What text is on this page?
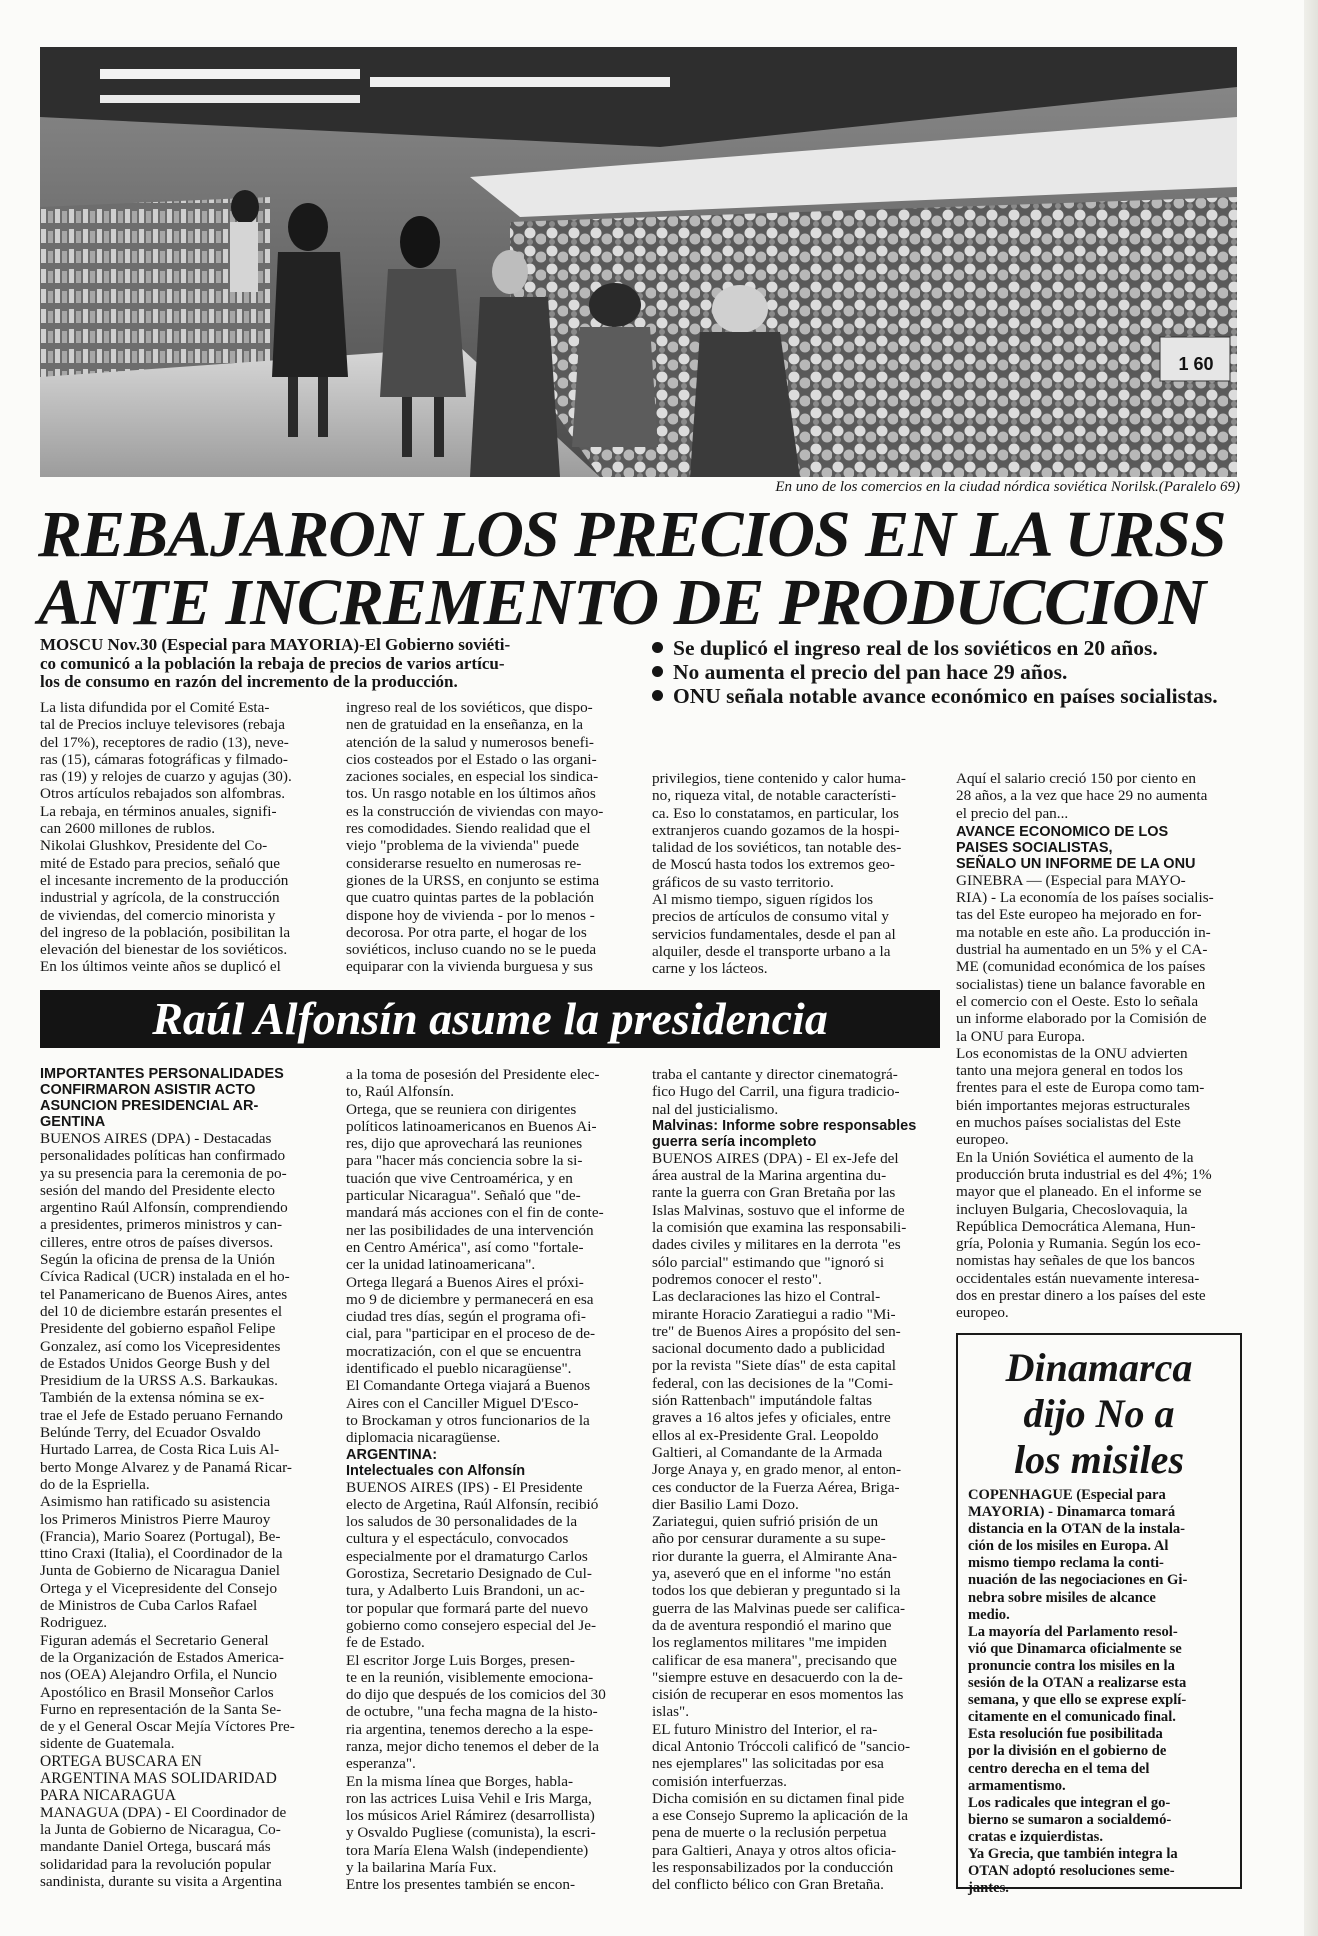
1 60
En uno de los comercios en la ciudad nórdica soviética Norilsk.(Paralelo 69)
REBAJARON LOS PRECIOS EN LA URSS
ANTE INCREMENTO DE PRODUCCION
MOSCU Nov.30 (Especial para MAYORIA)-El Gobierno soviéti-
co comunicó a la población la rebaja de precios de varios artícu-
los de consumo en razón del incremento de la producción.
Se duplicó el ingreso real de los soviéticos en 20 años.
No aumenta el precio del pan hace 29 años.
ONU señala notable avance económico en países socialistas.
La lista difundida por el Comité Esta-
tal de Precios incluye televisores (rebaja
del 17%), receptores de radio (13), neve-
ras (15), cámaras fotográficas y filmado-
ras (19) y relojes de cuarzo y agujas (30).
Otros artículos rebajados son alfombras.
La rebaja, en términos anuales, signifi-
can 2600 millones de rublos.
Nikolai Glushkov, Presidente del Co-
mité de Estado para precios, señaló que
el incesante incremento de la producción
industrial y agrícola, de la construcción
de viviendas, del comercio minorista y
del ingreso de la población, posibilitan la
elevación del bienestar de los soviéticos.
En los últimos veinte años se duplicó el
ingreso real de los soviéticos, que dispo-
nen de gratuidad en la enseñanza, en la
atención de la salud y numerosos benefi-
cios costeados por el Estado o las organi-
zaciones sociales, en especial los sindica-
tos. Un rasgo notable en los últimos años
es la construcción de viviendas con mayo-
res comodidades. Siendo realidad que el
viejo "problema de la vivienda" puede
considerarse resuelto en numerosas re-
giones de la URSS, en conjunto se estima
que cuatro quintas partes de la población
dispone hoy de vivienda - por lo menos -
decorosa. Por otra parte, el hogar de los
soviéticos, incluso cuando no se le pueda
equiparar con la vivienda burguesa y sus
privilegios, tiene contenido y calor huma-
no, riqueza vital, de notable característi-
ca. Eso lo constatamos, en particular, los
extranjeros cuando gozamos de la hospi-
talidad de los soviéticos, tan notable des-
de Moscú hasta todos los extremos geo-
gráficos de su vasto territorio.
Al mismo tiempo, siguen rígidos los
precios de artículos de consumo vital y
servicios fundamentales, desde el pan al
alquiler, desde el transporte urbano a la
carne y los lácteos.
Aquí el salario creció 150 por ciento en
28 años, a la vez que hace 29 no aumenta
el precio del pan...
AVANCE ECONOMICO DE LOS
PAISES SOCIALISTAS,
SEÑALO UN INFORME DE LA ONU
GINEBRA — (Especial para MAYO-
RIA) - La economía de los países socialis-
tas del Este europeo ha mejorado en for-
ma notable en este año. La producción in-
dustrial ha aumentado en un 5% y el CA-
ME (comunidad económica de los países
socialistas) tiene un balance favorable en
el comercio con el Oeste. Esto lo señala
un informe elaborado por la Comisión de
la ONU para Europa.
Los economistas de la ONU advierten
tanto una mejora general en todos los
frentes para el este de Europa como tam-
bién importantes mejoras estructurales
en muchos países socialistas del Este
europeo.
En la Unión Soviética el aumento de la
producción bruta industrial es del 4%; 1%
mayor que el planeado. En el informe se
incluyen Bulgaria, Checoslovaquia, la
República Democrática Alemana, Hun-
gría, Polonia y Rumania. Según los eco-
nomistas hay señales de que los bancos
occidentales están nuevamente interesa-
dos en prestar dinero a los países del este
europeo.
Raúl Alfonsín asume la presidencia
IMPORTANTES PERSONALIDADES
CONFIRMARON ASISTIR ACTO
ASUNCION PRESIDENCIAL AR-
GENTINA
BUENOS AIRES (DPA) - Destacadas
personalidades políticas han confirmado
ya su presencia para la ceremonia de po-
sesión del mando del Presidente electo
argentino Raúl Alfonsín, comprendiendo
a presidentes, primeros ministros y can-
cilleres, entre otros de países diversos.
Según la oficina de prensa de la Unión
Cívica Radical (UCR) instalada en el ho-
tel Panamericano de Buenos Aires, antes
del 10 de diciembre estarán presentes el
Presidente del gobierno español Felipe
Gonzalez, así como los Vicepresidentes
de Estados Unidos George Bush y del
Presidium de la URSS A.S. Barkaukas.
También de la extensa nómina se ex-
trae el Jefe de Estado peruano Fernando
Belúnde Terry, del Ecuador Osvaldo
Hurtado Larrea, de Costa Rica Luis Al-
berto Monge Alvarez y de Panamá Ricar-
do de la Espriella.
Asimismo han ratificado su asistencia
los Primeros Ministros Pierre Mauroy
(Francia), Mario Soarez (Portugal), Be-
ttino Craxi (Italia), el Coordinador de la
Junta de Gobierno de Nicaragua Daniel
Ortega y el Vicepresidente del Consejo
de Ministros de Cuba Carlos Rafael
Rodriguez.
Figuran además el Secretario General
de la Organización de Estados America-
nos (OEA) Alejandro Orfila, el Nuncio
Apostólico en Brasil Monseñor Carlos
Furno en representación de la Santa Se-
de y el General Oscar Mejía Víctores Pre-
sidente de Guatemala.
ORTEGA BUSCARA EN
ARGENTINA MAS SOLIDARIDAD
PARA NICARAGUA
MANAGUA (DPA) - El Coordinador de
la Junta de Gobierno de Nicaragua, Co-
mandante Daniel Ortega, buscará más
solidaridad para la revolución popular
sandinista, durante su visita a Argentina
a la toma de posesión del Presidente elec-
to, Raúl Alfonsín.
Ortega, que se reuniera con dirigentes
políticos latinoamericanos en Buenos Ai-
res, dijo que aprovechará las reuniones
para "hacer más conciencia sobre la si-
tuación que vive Centroamérica, y en
particular Nicaragua". Señaló que "de-
mandará más acciones con el fin de conte-
ner las posibilidades de una intervención
en Centro América", así como "fortale-
cer la unidad latinoamericana".
Ortega llegará a Buenos Aires el próxi-
mo 9 de diciembre y permanecerá en esa
ciudad tres días, según el programa ofi-
cial, para "participar en el proceso de de-
mocratización, con el que se encuentra
identificado el pueblo nicaragüense".
El Comandante Ortega viajará a Buenos
Aires con el Canciller Miguel D'Esco-
to Brockaman y otros funcionarios de la
diplomacia nicaragüense.
ARGENTINA:
Intelectuales con Alfonsín
BUENOS AIRES (IPS) - El Presidente
electo de Argetina, Raúl Alfonsín, recibió
los saludos de 30 personalidades de la
cultura y el espectáculo, convocados
especialmente por el dramaturgo Carlos
Gorostiza, Secretario Designado de Cul-
tura, y Adalberto Luis Brandoni, un ac-
tor popular que formará parte del nuevo
gobierno como consejero especial del Je-
fe de Estado.
El escritor Jorge Luis Borges, presen-
te en la reunión, visiblemente emociona-
do dijo que después de los comicios del 30
de octubre, "una fecha magna de la histo-
ria argentina, tenemos derecho a la espe-
ranza, mejor dicho tenemos el deber de la
esperanza".
En la misma línea que Borges, habla-
ron las actrices Luisa Vehil e Iris Marga,
los músicos Ariel Rámirez (desarrollista)
y Osvaldo Pugliese (comunista), la escri-
tora María Elena Walsh (independiente)
y la bailarina María Fux.
Entre los presentes también se encon-
traba el cantante y director cinematográ-
fico Hugo del Carril, una figura tradicio-
nal del justicialismo.
Malvinas: Informe sobre responsables
guerra sería incompleto
BUENOS AIRES (DPA) - El ex-Jefe del
área austral de la Marina argentina du-
rante la guerra con Gran Bretaña por las
Islas Malvinas, sostuvo que el informe de
la comisión que examina las responsabili-
dades civiles y militares en la derrota "es
sólo parcial" estimando que "ignoró si
podremos conocer el resto".
Las declaraciones las hizo el Contral-
mirante Horacio Zaratiegui a radio "Mi-
tre" de Buenos Aires a propósito del sen-
sacional documento dado a publicidad
por la revista "Siete días" de esta capital
federal, con las decisiones de la "Comi-
sión Rattenbach" imputándole faltas
graves a 16 altos jefes y oficiales, entre
ellos al ex-Presidente Gral. Leopoldo
Galtieri, al Comandante de la Armada
Jorge Anaya y, en grado menor, al enton-
ces conductor de la Fuerza Aérea, Briga-
dier Basilio Lami Dozo.
Zariategui, quien sufrió prisión de un
año por censurar duramente a su supe-
rior durante la guerra, el Almirante Ana-
ya, aseveró que en el informe "no están
todos los que debieran y preguntado si la
guerra de las Malvinas puede ser califica-
da de aventura respondió el marino que
los reglamentos militares "me impiden
calificar de esa manera", precisando que
"siempre estuve en desacuerdo con la de-
cisión de recuperar en esos momentos las
islas".
EL futuro Ministro del Interior, el ra-
dical Antonio Tróccoli calificó de "sancio-
nes ejemplares" las solicitadas por esa
comisión interfuerzas.
Dicha comisión en su dictamen final pide
a ese Consejo Supremo la aplicación de la
pena de muerte o la reclusión perpetua
para Galtieri, Anaya y otros altos oficia-
les responsabilizados por la conducción
del conflicto bélico con Gran Bretaña.
Dinamarca
dijo No a
los misiles
COPENHAGUE (Especial para
MAYORIA) - Dinamarca tomará
distancia en la OTAN de la instala-
ción de los misiles en Europa. Al
mismo tiempo reclama la conti-
nuación de las negociaciones en Gi-
nebra sobre misiles de alcance
medio.
La mayoría del Parlamento resol-
vió que Dinamarca oficialmente se
pronuncie contra los misiles en la
sesión de la OTAN a realizarse esta
semana, y que ello se exprese explí-
citamente en el comunicado final.
Esta resolución fue posibilitada
por la división en el gobierno de
centro derecha en el tema del
armamentismo.
Los radicales que integran el go-
bierno se sumaron a socialdemó-
cratas e izquierdistas.
Ya Grecia, que también integra la
OTAN adoptó resoluciones seme-
jantes.
